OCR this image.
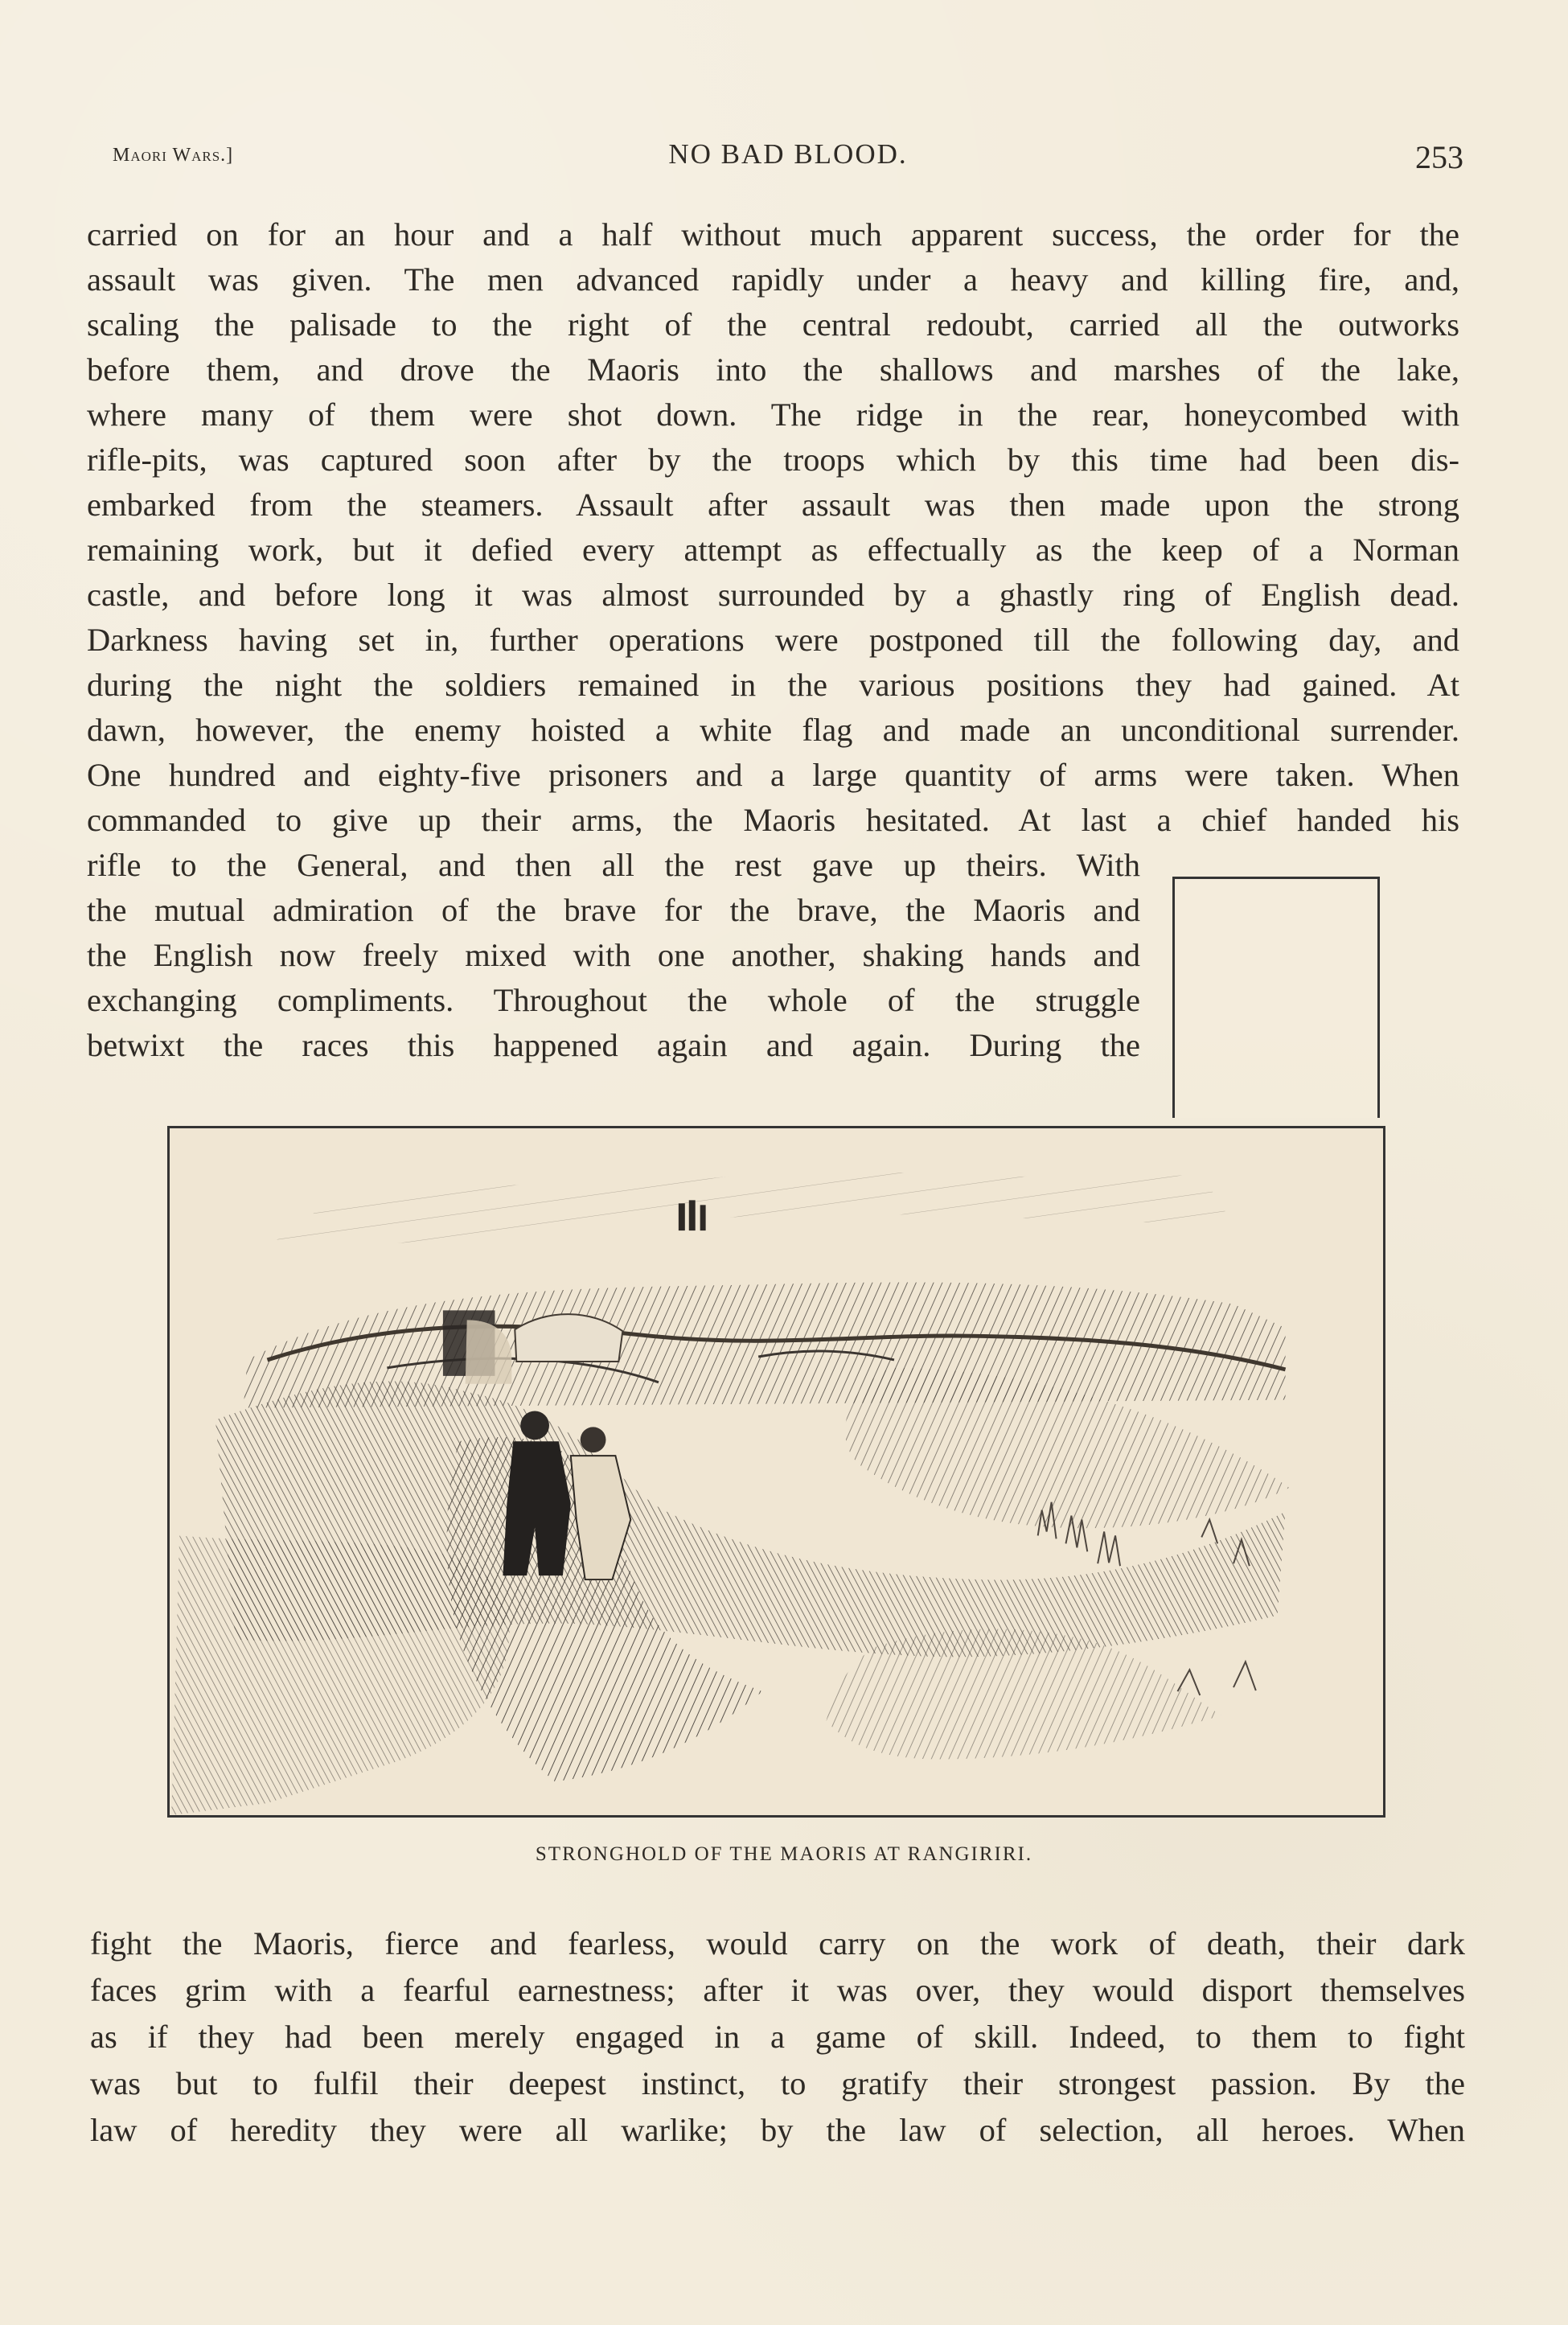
Maori Wars.]	NO BAD BLOOD.	253
carried on for an hour and a half without much apparent success, the order for the
assault was given. The men advanced rapidly under a heavy and killing fire, and,
scaling the palisade to the right of the central redoubt, carried all the outworks
before them, and drove the Maoris into the shallows and marshes of the lake,
where many of them were shot down. The ridge in the rear, honeycombed with
rifle-pits, was captured soon after by the troops which by this time had been dis-
embarked from the steamers. Assault after assault was then made upon the strong
remaining work, but it defied every attempt as effectually as the keep of a Norman
castle, and before long it was almost surrounded by a ghastly ring of English dead.
Darkness having set in, further operations were postponed till the following day, and
during the night the soldiers remained in the various positions they had gained. At
dawn, however, the enemy hoisted a white flag and made an unconditional surrender.
One hundred and eighty-five prisoners and a large quantity of arms were taken. When
commanded to give up their arms, the Maoris hesitated. At last a chief handed his
rifle to the General, and then all the rest gave up theirs. With
the mutual admiration of the brave for the brave, the Maoris and
the English now freely mixed with one another, shaking hands and
exchanging compliments. Throughout the whole of the struggle
betwixt the races this happened again and again. During the
STRONGHOLD OF THE MAORIS AT RANGIRIRI.
fight the Maoris, fierce and fearless, would carry on the work of death, their dark
faces grim with a fearful earnestness; after it was over, they would disport themselves
as if they had been merely engaged in a game of skill. Indeed, to them to fight
was but to fulfil their deepest instinct, to gratify their strongest passion. By the
law of heredity they were all warlike; by the law of selection, all heroes. When
